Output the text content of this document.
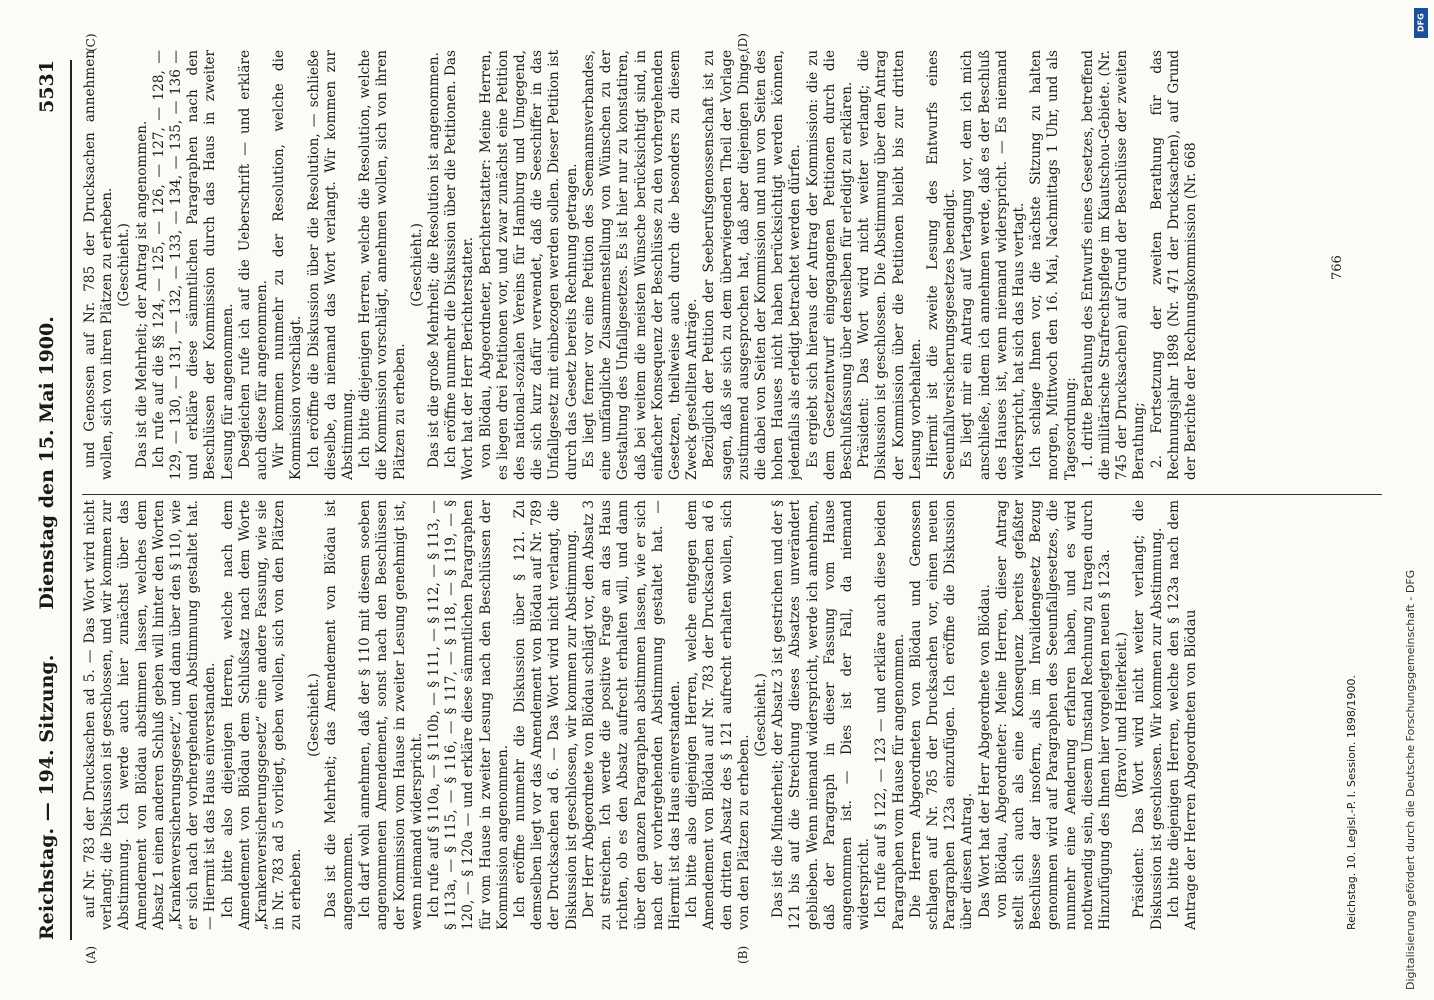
Reichstag. — 194. Sitzung.
Dienstag den 15. Mai 1900.  5531
(A)	(B)
(C)	(D)

auf Nr. 783 der Drucksachen ad 5. — Das Wort wird nicht verlangt; die Diskussion ist geschlossen, und wir kommen zur Abstimmung. Ich werde auch hier zunächst über das Amendement von Blödau abstimmen lassen, welches dem Absatz 1 einen anderen Schluß geben will hinter den Worten „Krankenversicherungsgesetz“, und dann über den § 110, wie er sich nach der vorhergehenden Abstimmung gestaltet hat. — Hiermit ist das Haus einverstanden. Ich bitte also diejenigen Herren, welche nach dem Amendement von Blödau dem Schlußsatz nach dem Worte „Krankenversicherungsgesetz“ eine andere Fassung, wie sie in Nr. 783 ad 5 vorliegt, geben wollen, sich von den Plätzen zu erheben.

(Geschieht.) Das ist die Mehrheit; das Amendement von Blödau ist angenommen. Ich darf wohl annehmen, daß der § 110 mit diesem soeben angenommenen Amendement, sonst nach den Beschlüssen der Kommission vom Hause in zweiter Lesung genehmigt ist, wenn niemand widerspricht. Ich rufe auf § 110a, — § 110b, — § 111, — § 112, — § 113, — § 113a, — § 115, — § 116, — § 117, — § 118, — § 119, — § 120, — § 120a — und erkläre diese sämmtlichen Paragraphen für vom Hause in zweiter Lesung nach den Beschlüssen der Kommission angenommen. Ich eröffne nunmehr die Diskussion über § 121. Zu demselben liegt vor das Amendement von Blödau auf Nr. 789 der Drucksachen ad 6. — Das Wort wird nicht verlangt, die Diskussion ist geschlossen, wir kommen zur Abstimmung. Der Herr Abgeordnete von Blödau schlägt vor, den Absatz 3 zu streichen. Ich werde die positive Frage an das Haus richten, ob es den Absatz aufrecht erhalten will, und dann über den ganzen Paragraphen abstimmen lassen, wie er sich nach der vorhergehenden Abstimmung gestaltet hat. — Hiermit ist das Haus einverstanden. Ich bitte also diejenigen Herren, welche entgegen dem Amendement von Blödau auf Nr. 783 der Drucksachen ad 6 den dritten Absatz des § 121 aufrecht erhalten wollen, sich von den Plätzen zu erheben.

(Geschieht.) Das ist die Minderheit; der Absatz 3 ist gestrichen und der § 121 bis auf die Streichung dieses Absatzes unverändert geblieben. Wenn niemand widerspricht, werde ich annehmen, daß der Paragraph in dieser Fassung vom Hause angenommen ist. — Dies ist der Fall, da niemand widerspricht. Ich rufe auf § 122, — 123 — und erkläre auch diese beiden Paragraphen vom Hause für angenommen. Die Herren Abgeordneten von Blödau und Genossen schlagen auf Nr. 785 der Drucksachen vor, einen neuen Paragraphen 123a einzufügen. Ich eröffne die Diskussion über diesen Antrag. Das Wort hat der Herr Abgeordnete von Blödau. von Blödau, Abgeordneter: Meine Herren, dieser Antrag stellt sich auch als eine Konsequenz bereits gefaßter Beschlüsse dar insofern, als im Invalidengesetz Bezug genommen wird auf Paragraphen des Seeunfallgesetzes, die nunmehr eine Aenderung erfahren haben, und es wird nothwendig sein, diesem Umstand Rechnung zu tragen durch Hinzufügung des Ihnen hier vorgelegten neuen § 123a. (Bravo! und Heiterkeit.) Präsident: Das Wort wird nicht weiter verlangt; die Diskussion ist geschlossen. Wir kommen zur Abstimmung. Ich bitte diejenigen Herren, welche den § 123a nach dem Antrage der Herren Abgeordneten von Blödau

und Genossen auf Nr. 785 der Drucksachen annehmen wollen, sich von ihren Plätzen zu erheben. (Geschieht.) Das ist die Mehrheit; der Antrag ist angenommen. Ich rufe auf die §§ 124, — 125, — 126, — 127, — 128, — 129, — 130, — 131, — 132, — 133, — 134, — 135, — 136 — und erkläre diese sämmtlichen Paragraphen nach den Beschlüssen der Kommission durch das Haus in zweiter Lesung für angenommen. Desgleichen rufe ich auf die Ueberschrift — und erkläre auch diese für angenommen. Wir kommen nunmehr zu der Resolution, welche die Kommission vorschlägt. Ich eröffne die Diskussion über die Resolution, — schließe dieselbe, da niemand das Wort verlangt. Wir kommen zur Abstimmung. Ich bitte diejenigen Herren, welche die Resolution, welche die Kommission vorschlägt, annehmen wollen, sich von ihren Plätzen zu erheben.

(Geschieht.) Das ist die große Mehrheit; die Resolution ist angenommen. Ich eröffne nunmehr die Diskussion über die Petitionen. Das Wort hat der Herr Berichterstatter. von Blödau, Abgeordneter, Berichterstatter: Meine Herren, es liegen drei Petitionen vor, und zwar zunächst eine Petition des national-sozialen Vereins für Hamburg und Umgegend, die sich kurz dafür verwendet, daß die Seeschiffer in das Unfallgesetz mit einbezogen werden sollen. Dieser Petition ist durch das Gesetz bereits Rechnung getragen. Es liegt ferner vor eine Petition des Seemannsverbandes, eine umfängliche Zusammenstellung von Wünschen zu der Gestaltung des Unfallgesetzes. Es ist hier nur zu konstatiren, daß bei weitem die meisten Wünsche berücksichtigt sind, in einfacher Konsequenz der Beschlüsse zu den vorhergehenden Gesetzen, theilweise auch durch die besonders zu diesem Zweck gestellten Anträge. Bezüglich der Petition der Seeberufsgenossenschaft ist zu sagen, daß sie sich zu dem überwiegenden Theil der Vorlage zustimmend ausgesprochen hat, daß aber diejenigen Dinge, die dabei von Seiten der Kommission und nun von Seiten des hohen Hauses nicht haben berücksichtigt werden können, jedenfalls als erledigt betrachtet werden dürfen. Es ergiebt sich hieraus der Antrag der Kommission: die zu dem Gesetzentwurf eingegangenen Petitionen durch die Beschlußfassung über denselben für erledigt zu erklären. Präsident: Das Wort wird nicht weiter verlangt; die Diskussion ist geschlossen. Die Abstimmung über den Antrag der Kommission über die Petitionen bleibt bis zur dritten Lesung vorbehalten. Hiermit ist die zweite Lesung des Entwurfs eines Seeunfallversicherungsgesetzes beendigt. Es liegt mir ein Antrag auf Vertagung vor, dem ich mich anschließe, indem ich annehmen werde, daß es der Beschluß des Hauses ist, wenn niemand widerspricht. — Es niemand widerspricht, hat sich das Haus vertagt. Ich schlage Ihnen vor, die nächste Sitzung zu halten morgen, Mittwoch den 16. Mai, Nachmittags 1 Uhr, und als Tagesordnung: 1. dritte Berathung des Entwurfs eines Gesetzes, betreffend die militärische Strafrechtspflege im Kiautschou-Gebiete. (Nr. 745 der Drucksachen) auf Grund der Beschlüsse der zweiten Berathung; 2. Fortsetzung der zweiten Berathung für das Rechnungsjahr 1898 (Nr. 471 der Drucksachen), auf Grund der Berichte der Rechnungskommission (Nr. 668	766
Reichstag. 10. Legisl.-P. I. Session. 1898/1900.
DFG
Digitalisierung gefördert durch die Deutsche Forschungsgemeinschaft - DFG
